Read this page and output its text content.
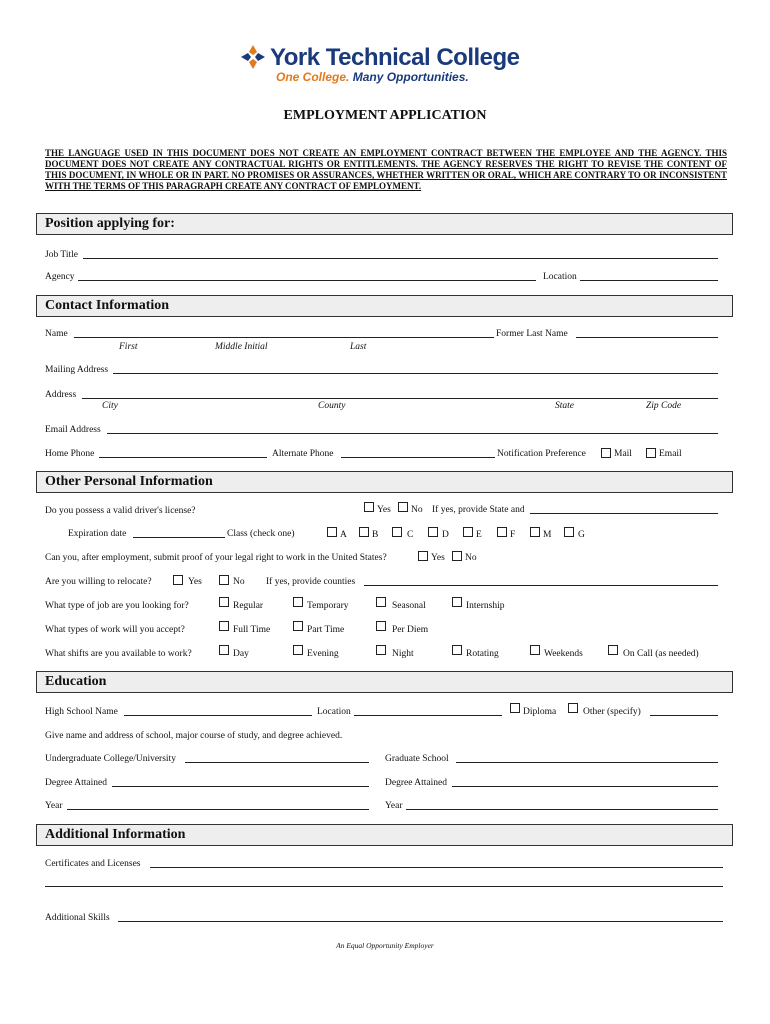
York Technical College
One College. Many Opportunities.
EMPLOYMENT APPLICATION
THE LANGUAGE USED IN THIS DOCUMENT DOES NOT CREATE AN EMPLOYMENT CONTRACT BETWEEN THE EMPLOYEE AND THE AGENCY. THIS DOCUMENT DOES NOT CREATE ANY CONTRACTUAL RIGHTS OR ENTITLEMENTS. THE AGENCY RESERVES THE RIGHT TO REVISE THE CONTENT OF THIS DOCUMENT, IN WHOLE OR IN PART. NO PROMISES OR ASSURANCES, WHETHER WRITTEN OR ORAL, WHICH ARE CONTRARY TO OR INCONSISTENT WITH THE TERMS OF THIS PARAGRAPH CREATE ANY CONTRACT OF EMPLOYMENT.
Position applying for:
Job Title
Agency	Location
Contact Information
Name	Former Last Name
First	Middle Initial	Last
Mailing Address
Address
City	County	State	Zip Code
Email Address
Home Phone	Alternate Phone	Notification Preference	Mail	Email
Other Personal Information
Do you possess a valid driver's license?	Yes No If yes, provide State and
Expiration date	Class (check one)	A	B	C	D	E	F	M	G
Can you, after employment, submit proof of your legal right to work in the United States?	Yes No
Are you willing to relocate?	Yes	No If yes, provide counties
What type of job are you looking for?	Regular	Temporary	Seasonal	Internship
What types of work will you accept?	Full Time	Part Time	Per Diem
What shifts are you available to work?	Day	Evening	Night	Rotating	Weekends	On Call (as needed)
Education
High School Name	Location	Diploma	Other (specify)
Give name and address of school, major course of study, and degree achieved.
Undergraduate College/University	Graduate School
Degree Attained	Degree Attained
Year	Year
Additional Information
Certificates and Licenses
Additional Skills
An Equal Opportunity Employer
